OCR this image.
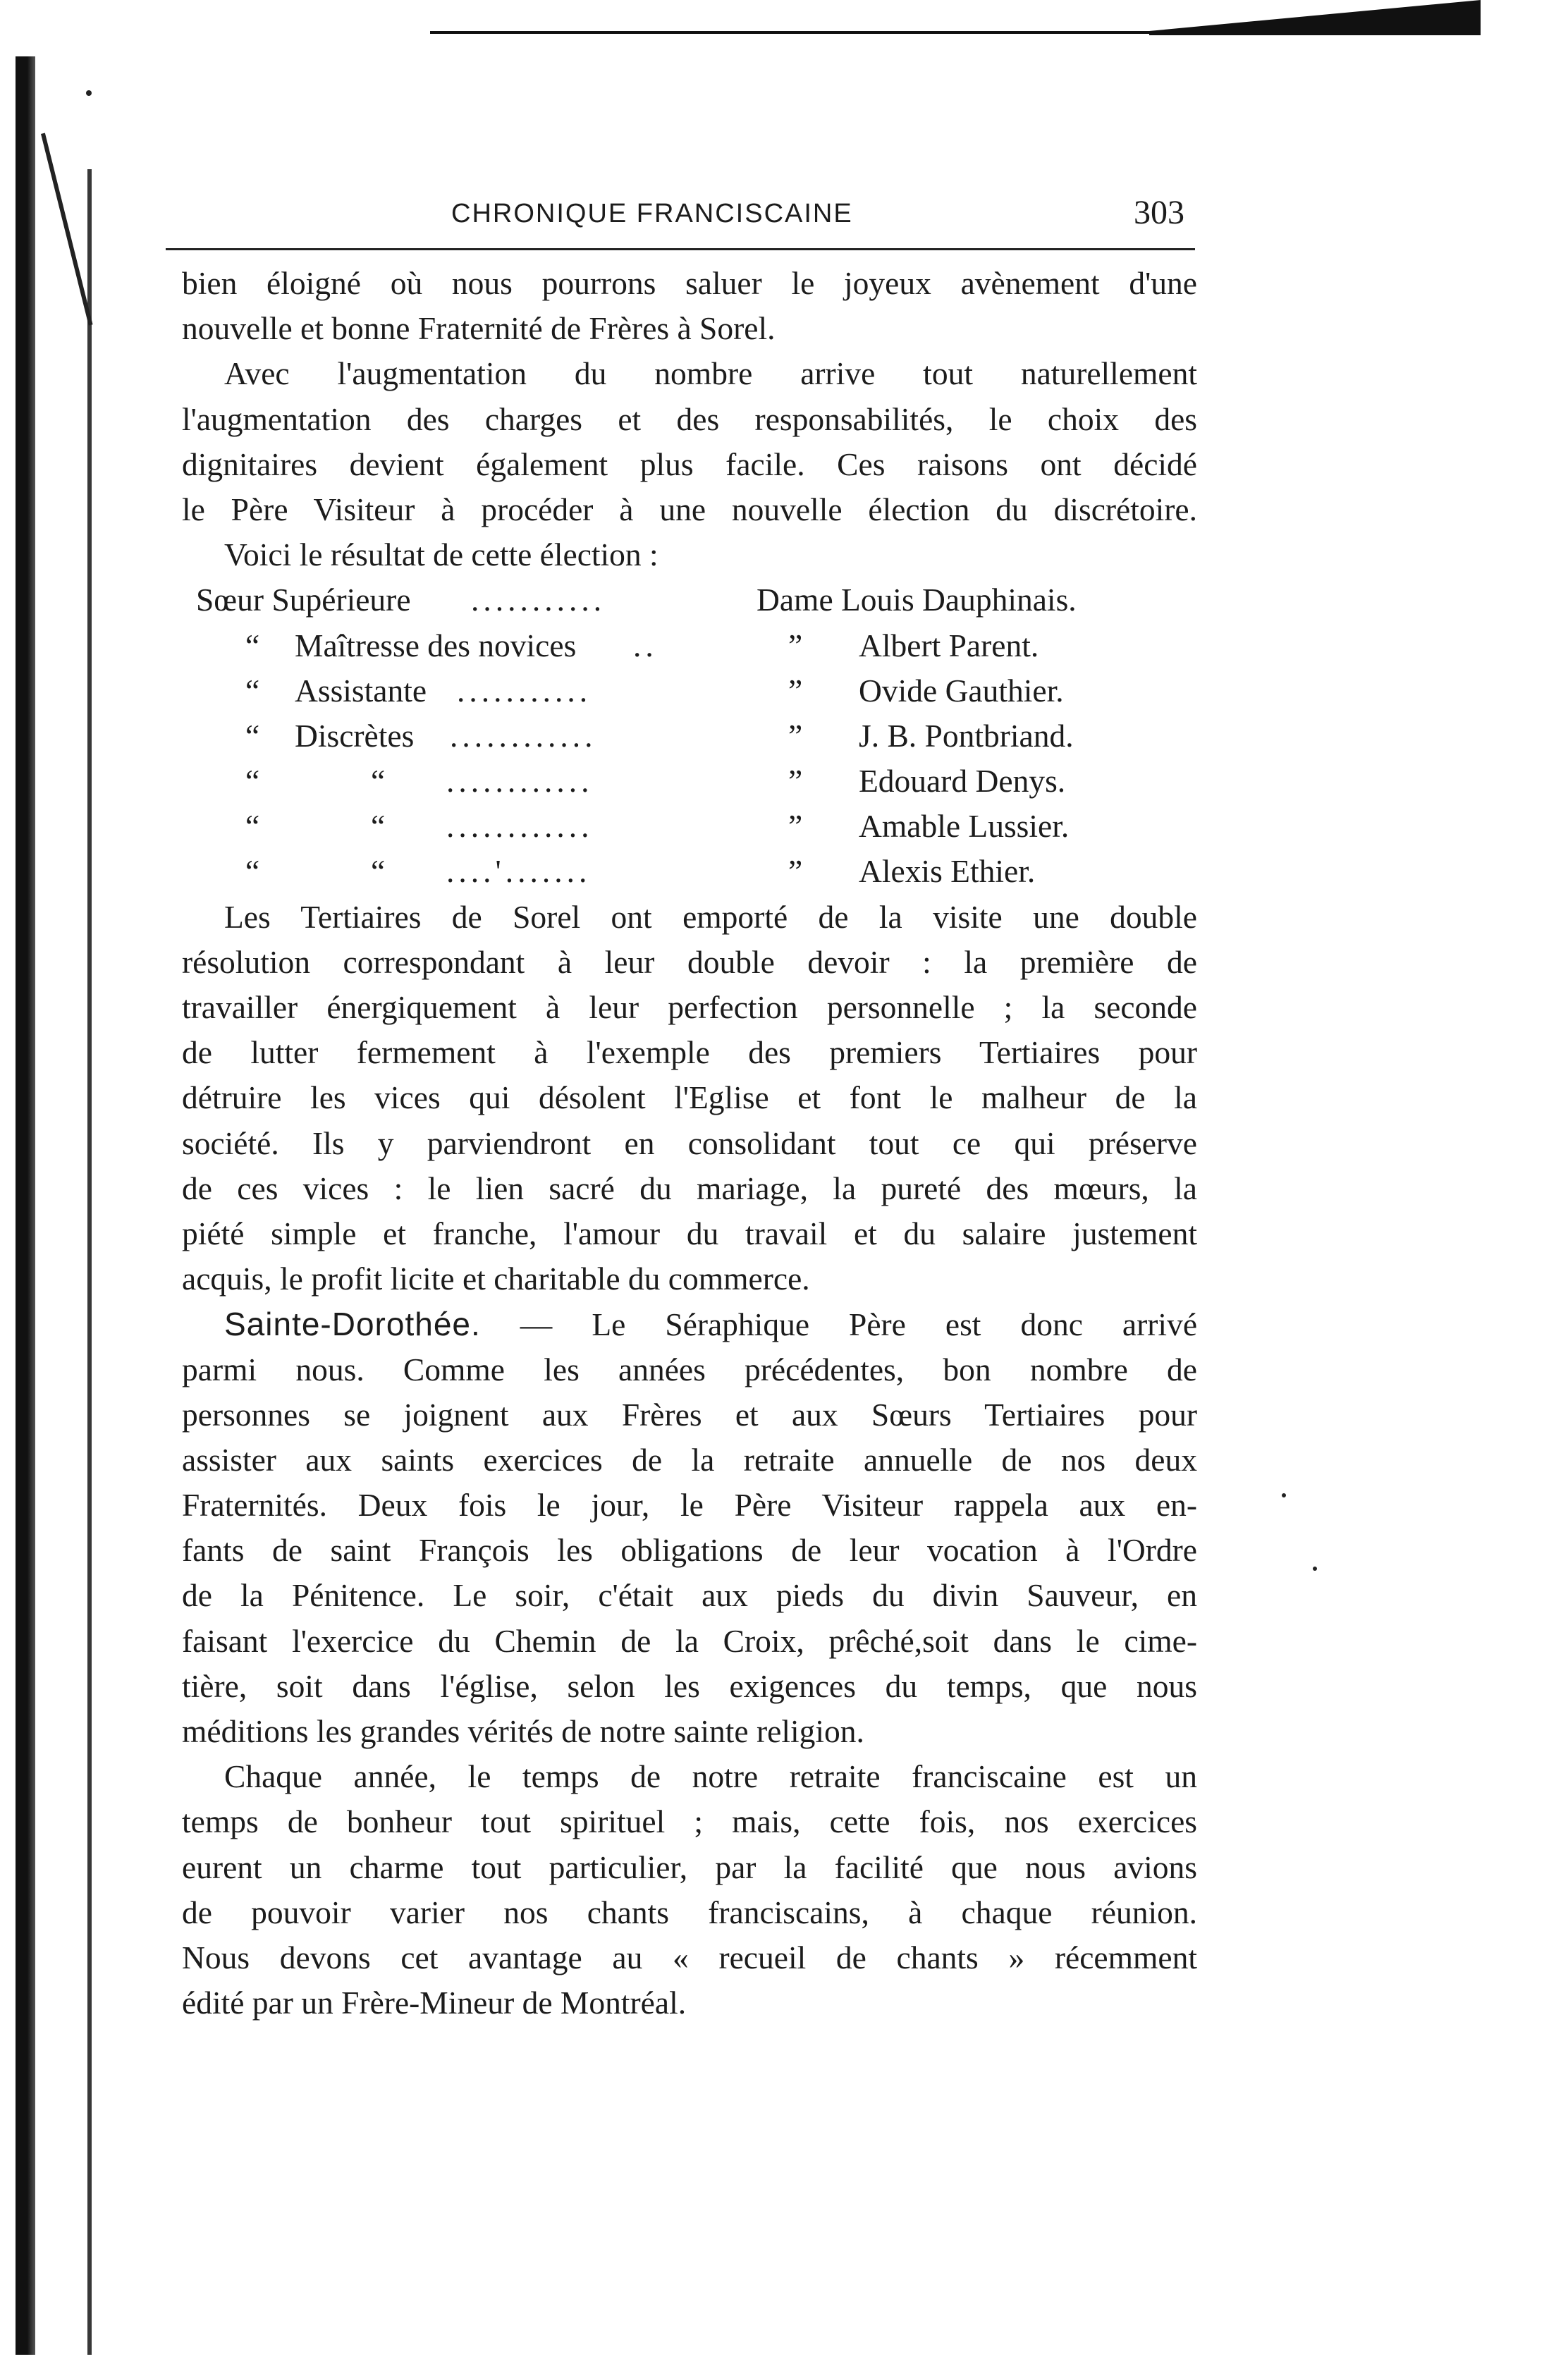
CHRONIQUE FRANCISCAINE	303
bien éloigné où nous pourrons saluer le joyeux avènement d'une
nouvelle et bonne Fraternité de Frères à Sorel.
Avec l'augmentation du nombre arrive tout naturellement
l'augmentation des charges et des responsabilités, le choix des
dignitaires devient également plus facile. Ces raisons ont décidé
le Père Visiteur à procéder à une nouvelle élection du discrétoire.
Voici le résultat de cette élection :
Sœur Supérieure ...........	Dame Louis Dauphinais.
“ Maîtresse des novices ..	” Albert Parent.
“ Assistante ...........	” Ovide Gauthier.
“ Discrètes ............	” J. B. Pontbriand.
“	“ ............	” Edouard Denys.
“	“ ............	” Amable Lussier.
“	“ ....'.......	” Alexis Ethier.
Les Tertiaires de Sorel ont emporté de la visite une double
résolution correspondant à leur double devoir : la première de
travailler énergiquement à leur perfection personnelle ; la seconde
de lutter fermement à l'exemple des premiers Tertiaires pour
détruire les vices qui désolent l'Eglise et font le malheur de la
société. Ils y parviendront en consolidant tout ce qui préserve
de ces vices : le lien sacré du mariage, la pureté des mœurs, la
piété simple et franche, l'amour du travail et du salaire justement
acquis, le profit licite et charitable du commerce.
Sainte-Dorothée. — Le Séraphique Père est donc arrivé
parmi nous. Comme les années précédentes, bon nombre de
personnes se joignent aux Frères et aux Sœurs Tertiaires pour
assister aux saints exercices de la retraite annuelle de nos deux
Fraternités. Deux fois le jour, le Père Visiteur rappela aux en-
fants de saint François les obligations de leur vocation à l'Ordre
de la Pénitence. Le soir, c'était aux pieds du divin Sauveur, en
faisant l'exercice du Chemin de la Croix, prêché,soit dans le cime-
tière, soit dans l'église, selon les exigences du temps, que nous
méditions les grandes vérités de notre sainte religion.
Chaque année, le temps de notre retraite franciscaine est un
temps de bonheur tout spirituel ; mais, cette fois, nos exercices
eurent un charme tout particulier, par la facilité que nous avions
de pouvoir varier nos chants franciscains, à chaque réunion.
Nous devons cet avantage au « recueil de chants » récemment
édité par un Frère-Mineur de Montréal.
